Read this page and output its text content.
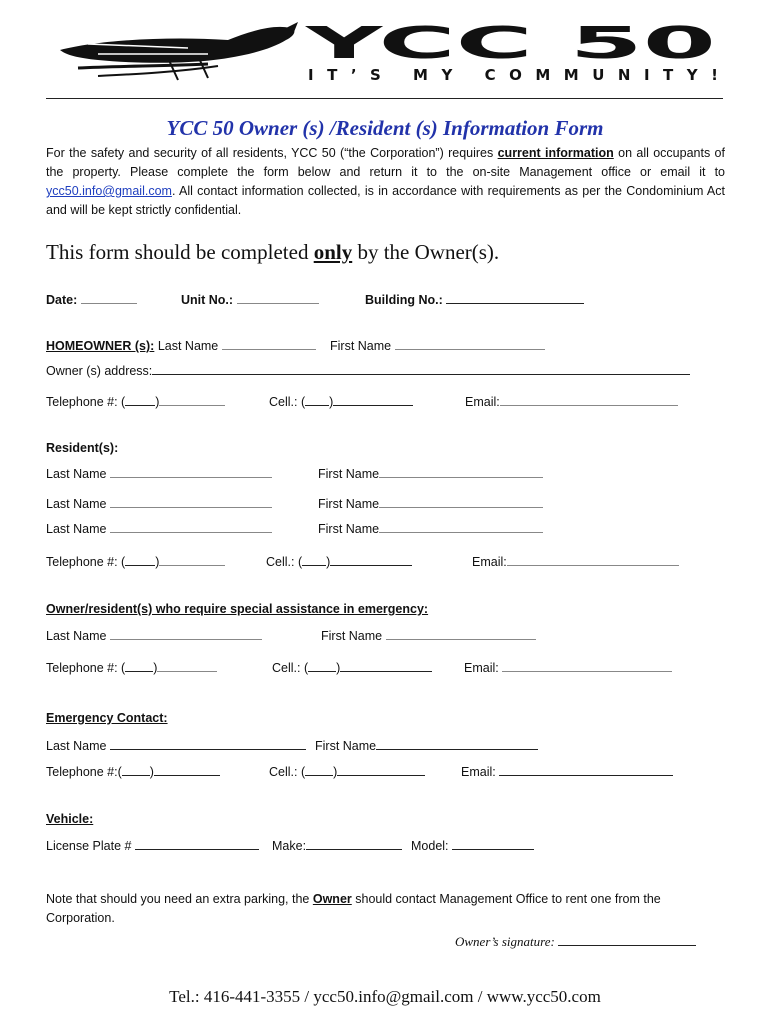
YCC 50
IT’S MY COMMUNITY!
YCC 50 Owner (s) /Resident (s) Information Form
For the safety and security of all residents, YCC 50 (“the Corporation”) requires current information on all occupants of the property. Please complete the form below and return it to the on-site Management office or email it to ycc50.info@gmail.com. All contact information collected, is in accordance with requirements as per the Condominium Act and will be kept strictly confidential.
This form should be completed only by the Owner(s).
Date:	Unit No.:	Building No.:
HOMEOWNER (s): Last Name	First Name
Owner (s) address:
Telephone #: ( )	Cell.: ( )	Email:
Resident(s):
Last Name	First Name
Last Name	First Name
Last Name	First Name
Telephone #: ( )	Cell.: ( )	Email:
Owner/resident(s) who require special assistance in emergency:
Last Name	First Name
Telephone #: ( )	Cell.: ( )	Email:
Emergency Contact:
Last Name	First Name
Telephone #:( )	Cell.: ( )	Email:
Vehicle:
License Plate #	Make:	Model:
Note that should you need an extra parking, the Owner should contact Management Office to rent one from the Corporation.
Owner’s signature:
Tel.: 416-441-3355 / ycc50.info@gmail.com / www.ycc50.com
